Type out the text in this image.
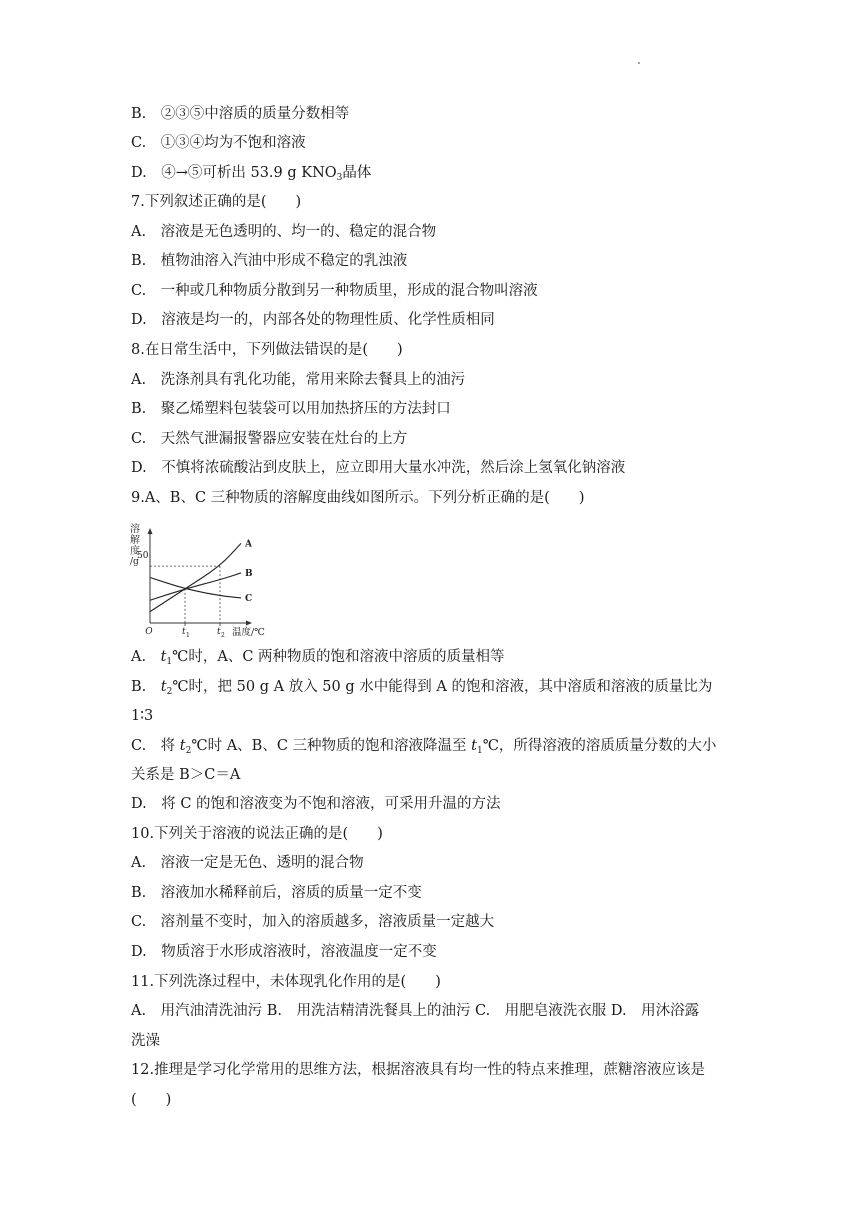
B.　②③⑤中溶质的质量分数相等
C.　①③④均为不饱和溶液
D.　④→⑤可析出 53.9 g $KNO_3$晶体
7.下列叙述正确的是(　　)
A.　溶液是无色透明的、均一的、稳定的混合物
B.　植物油溶入汽油中形成不稳定的乳浊液
C.　一种或几种物质分散到另一种物质里，形成的混合物叫溶液
D.　溶液是均一的，内部各处的物理性质、化学性质相同
8.在日常生活中，下列做法错误的是(　　)
A.　洗涤剂具有乳化功能，常用来除去餐具上的油污
B.　聚乙烯塑料包装袋可以用加热挤压的方法封口
C.　天然气泄漏报警器应安装在灶台的上方
D.　不慎将浓硫酸沾到皮肤上，应立即用大量水冲洗，然后涂上氢氧化钠溶液
9.A、B、C 三种物质的溶解度曲线如图所示。下列分析正确的是(　　)
溶
解
度
/g
A
B
C
t 1	t 2
50
O	温度/℃
A.　$t_1℃$时，A、C 两种物质的饱和溶液中溶质的质量相等
B.　$t_2℃$时，把 50 g A 放入 50 g 水中能得到 A 的饱和溶液，其中溶质和溶液的质量比为
1∶3
C.　将 $t_2℃$时 A、B、C 三种物质的饱和溶液降温至 $t_1℃$，所得溶液的溶质质量分数的大小
关系是 B＞C＝A
D.　将 C 的饱和溶液变为不饱和溶液，可采用升温的方法
10.下列关于溶液的说法正确的是(　　)
A.　溶液一定是无色、透明的混合物
B.　溶液加水稀释前后，溶质的质量一定不变
C.　溶剂量不变时，加入的溶质越多，溶液质量一定越大
D.　物质溶于水形成溶液时，溶液温度一定不变
11.下列洗涤过程中，未体现乳化作用的是(　　)
A.　用汽油清洗油污 B.　用洗洁精清洗餐具上的油污 C.　用肥皂液洗衣服 D.　用沐浴露
洗澡
12.推理是学习化学常用的思维方法，根据溶液具有均一性的特点来推理，蔗糖溶液应该是
(　　)
